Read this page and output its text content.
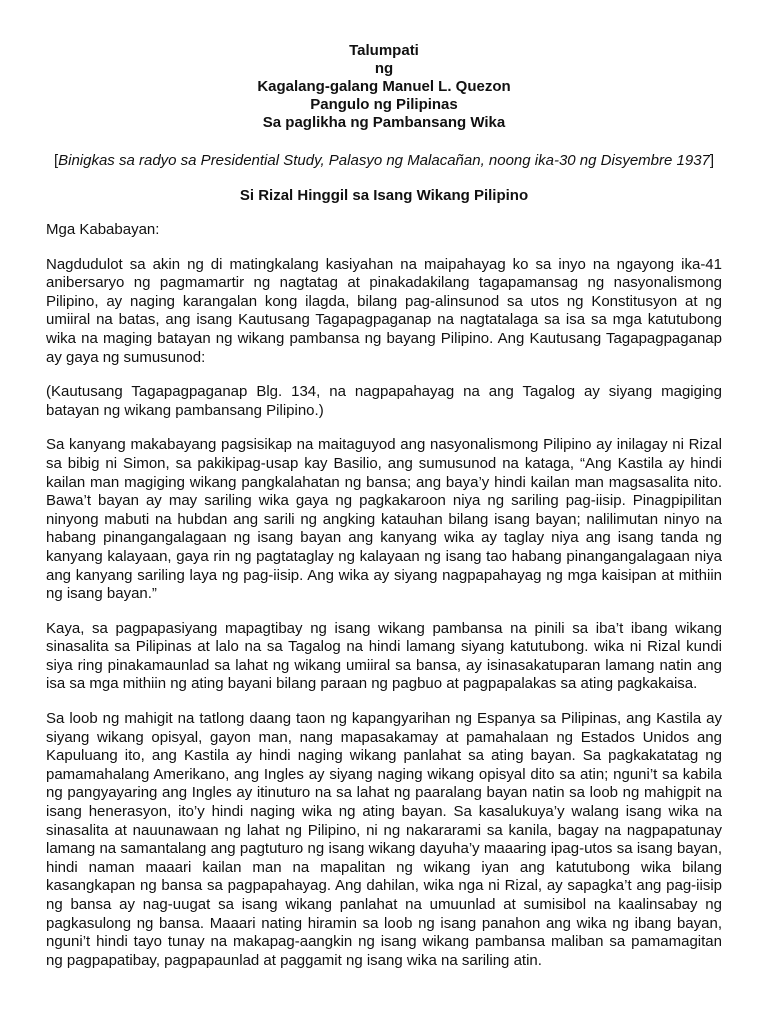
Talumpati
ng
Kagalang-galang Manuel L. Quezon
Pangulo ng Pilipinas
Sa paglikha ng Pambansang Wika
[Binigkas sa radyo sa Presidential Study, Palasyo ng Malacañan, noong ika-30 ng Disyembre 1937]
Si Rizal Hinggil sa Isang Wikang Pilipino

Mga Kababayan:

Nagdudulot sa akin ng di matingkalang kasiyahan na maipahayag ko sa inyo na ngayong ika-41 anibersaryo ng pagmamartir ng nagtatag at pinakadakilang tagapamansag ng nasyonalismong Pilipino, ay naging karangalan kong ilagda, bilang pag-alinsunod sa utos ng Konstitusyon at ng umiiral na batas, ang isang Kautusang Tagapagpaganap na nagtatalaga sa isa sa mga katutubong wika na maging batayan ng wikang pambansa ng bayang Pilipino. Ang Kautusang Tagapagpaganap ay gaya ng sumusunod:

(Kautusang Tagapagpaganap Blg. 134, na nagpapahayag na ang Tagalog ay siyang magiging batayan ng wikang pambansang Pilipino.)

Sa kanyang makabayang pagsisikap na maitaguyod ang nasyonalismong Pilipino ay inilagay ni Rizal sa bibig ni Simon, sa pakikipag-usap kay Basilio, ang sumusunod na kataga, “Ang Kastila ay hindi kailan man magiging wikang pangkalahatan ng bansa; ang baya’y hindi kailan man magsasalita nito. Bawa’t bayan ay may sariling wika gaya ng pagkakaroon niya ng sariling pag-iisip. Pinagpipilitan ninyong mabuti na hubdan ang sarili ng angking katauhan bilang isang bayan; nalilimutan ninyo na habang pinangangalagaan ng isang bayan ang kanyang wika ay taglay niya ang isang tanda ng kanyang kalayaan, gaya rin ng pagtataglay ng kalayaan ng isang tao habang pinangangalagaan niya ang kanyang sariling laya ng pag-iisip. Ang wika ay siyang nagpapahayag ng mga kaisipan at mithiin ng isang bayan.”

Kaya, sa pagpapasiyang mapagtibay ng isang wikang pambansa na pinili sa iba’t ibang wikang sinasalita sa Pilipinas at lalo na sa Tagalog na hindi lamang siyang katutubong. wika ni Rizal kundi siya ring pinakamaunlad sa lahat ng wikang umiiral sa bansa, ay isinasakatuparan lamang natin ang isa sa mga mithiin ng ating bayani bilang paraan ng pagbuo at pagpapalakas sa ating pagkakaisa.

Sa loob ng mahigit na tatlong daang taon ng kapangyarihan ng Espanya sa Pilipinas, ang Kastila ay siyang wikang opisyal, gayon man, nang mapasakamay at pamahalaan ng Estados Unidos ang Kapuluang ito, ang Kastila ay hindi naging wikang panlahat sa ating bayan. Sa pagkakatatag ng pamamahalang Amerikano, ang Ingles ay siyang naging wikang opisyal dito sa atin; nguni’t sa kabila ng pangyayaring ang Ingles ay itinuturo na sa lahat ng paaralang bayan natin sa loob ng mahigpit na isang henerasyon, ito’y hindi naging wika ng ating bayan. Sa kasalukuya’y walang isang wika na sinasalita at nauunawaan ng lahat ng Pilipino, ni ng nakararami sa kanila, bagay na nagpapatunay lamang na samantalang ang pagtuturo ng isang wikang dayuha’y maaaring ipag-utos sa isang bayan, hindi naman maaari kailan man na mapalitan ng wikang iyan ang katutubong wika bilang kasangkapan ng bansa sa pagpapahayag. Ang dahilan, wika nga ni Rizal, ay sapagka’t ang pag-iisip ng bansa ay nag-uugat sa isang wikang panlahat na umuunlad at sumisibol na kaalinsabay ng pagkasulong ng bansa. Maaari nating hiramin sa loob ng isang panahon ang wika ng ibang bayan, nguni’t hindi tayo tunay na makapag-aangkin ng isang wikang pambansa maliban sa pamamagitan ng pagpapatibay, pagpapaunlad at paggamit ng isang wika na sariling atin.
